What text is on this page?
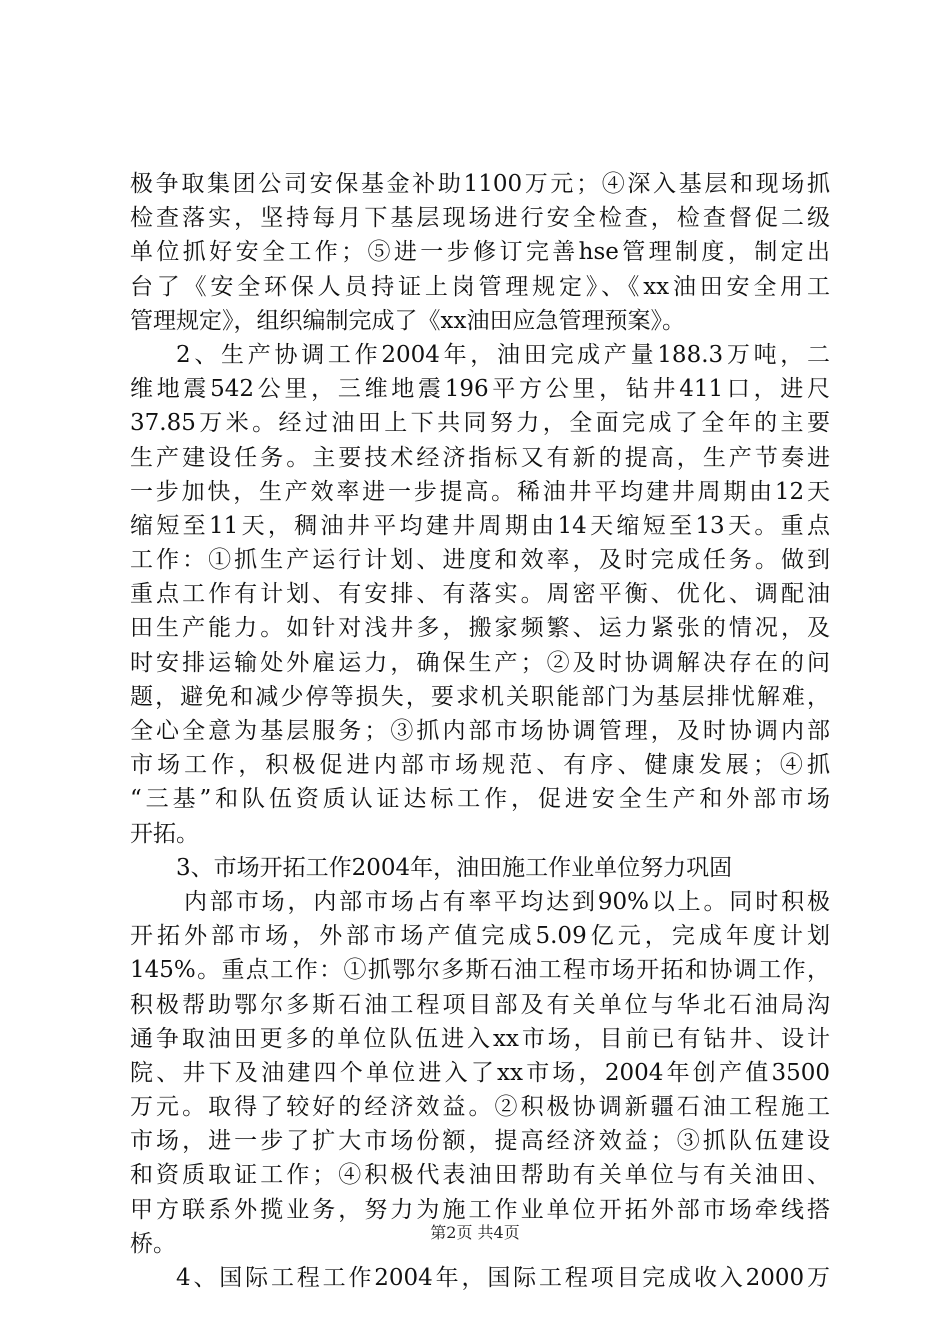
极争取集团公司安保基金补助1100万元；④深入基层和现场抓
检查落实，坚持每月下基层现场进行安全检查，检查督促二级
单位抓好安全工作；⑤进一步修订完善hse管理制度，制定出
台了《安全环保人员持证上岗管理规定》、《xx油田安全用工
管理规定》，组织编制完成了《xx油田应急管理预案》。
2、生产协调工作2004年，油田完成产量188.3万吨，二
维地震542公里，三维地震196平方公里，钻井411口，进尺
37.85万米。经过油田上下共同努力，全面完成了全年的主要
生产建设任务。主要技术经济指标又有新的提高，生产节奏进
一步加快，生产效率进一步提高。稀油井平均建井周期由12天
缩短至11天，稠油井平均建井周期由14天缩短至13天。重点
工作：①抓生产运行计划、进度和效率，及时完成任务。做到
重点工作有计划、有安排、有落实。周密平衡、优化、调配油
田生产能力。如针对浅井多，搬家频繁、运力紧张的情况，及
时安排运输处外雇运力，确保生产；②及时协调解决存在的问
题，避免和减少停等损失，要求机关职能部门为基层排忧解难，
全心全意为基层服务；③抓内部市场协调管理，及时协调内部
市场工作，积极促进内部市场规范、有序、健康发展；④抓
“三基”和队伍资质认证达标工作，促进安全生产和外部市场
开拓。
3、市场开拓工作2004年，油田施工作业单位努力巩固
内部市场，内部市场占有率平均达到90%以上。同时积极
开拓外部市场，外部市场产值完成5.09亿元，完成年度计划
145%。重点工作：①抓鄂尔多斯石油工程市场开拓和协调工作，
积极帮助鄂尔多斯石油工程项目部及有关单位与华北石油局沟
通争取油田更多的单位队伍进入xx市场，目前已有钻井、设计
院、井下及油建四个单位进入了xx市场，2004年创产值3500
万元。取得了较好的经济效益。②积极协调新疆石油工程施工
市场，进一步了扩大市场份额，提高经济效益；③抓队伍建设
和资质取证工作；④积极代表油田帮助有关单位与有关油田、
甲方联系外揽业务，努力为施工作业单位开拓外部市场牵线搭
桥。
4、国际工程工作2004年，国际工程项目完成收入2000万
第2页 共4页
